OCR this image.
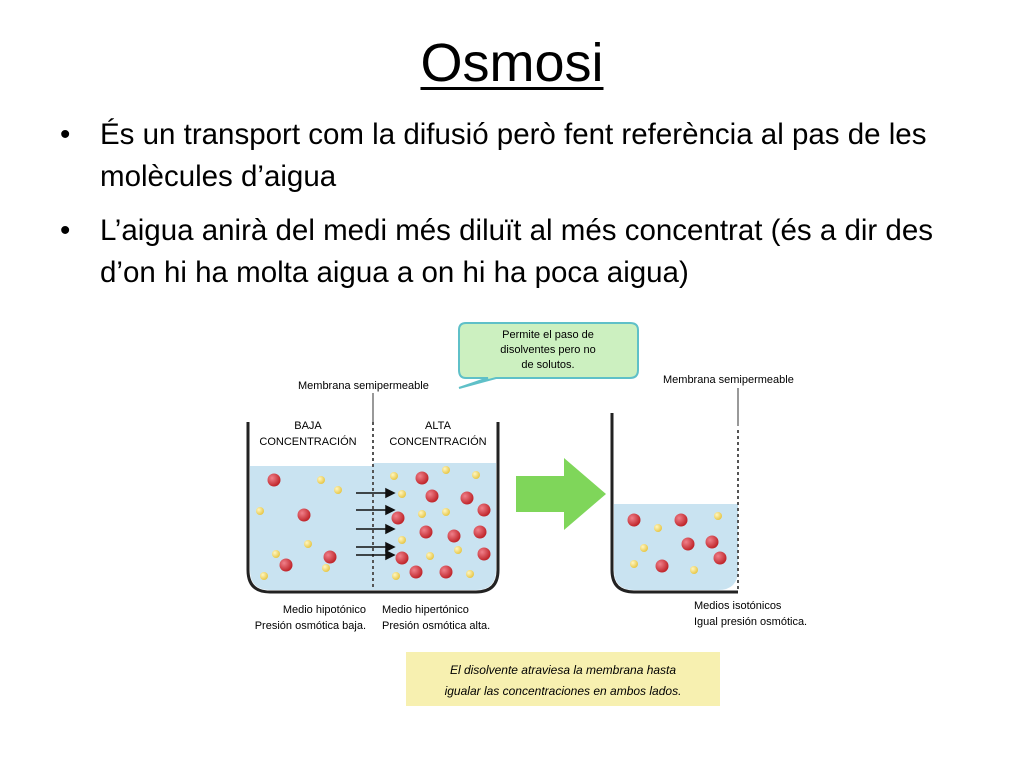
Osmosi
• És un transport com la difusió però fent referència al pas de les molècules d’aigua
• L’aigua anirà del medi més diluït al més concentrat (és a dir des d’on hi ha molta aigua a on hi ha poca aigua)
Permite el paso de
disolventes pero no
de solutos.
Membrana semipermeable	Membrana semipermeable
BAJA
CONCENTRACIÓN
ALTA
CONCENTRACIÓN
Medio hipotónico
Presión osmótica baja.
Medio hipertónico
Presión osmótica alta.
Medios isotónicos
Igual presión osmótica.
El disolvente atraviesa la membrana hasta
igualar las concentraciones en ambos lados.
